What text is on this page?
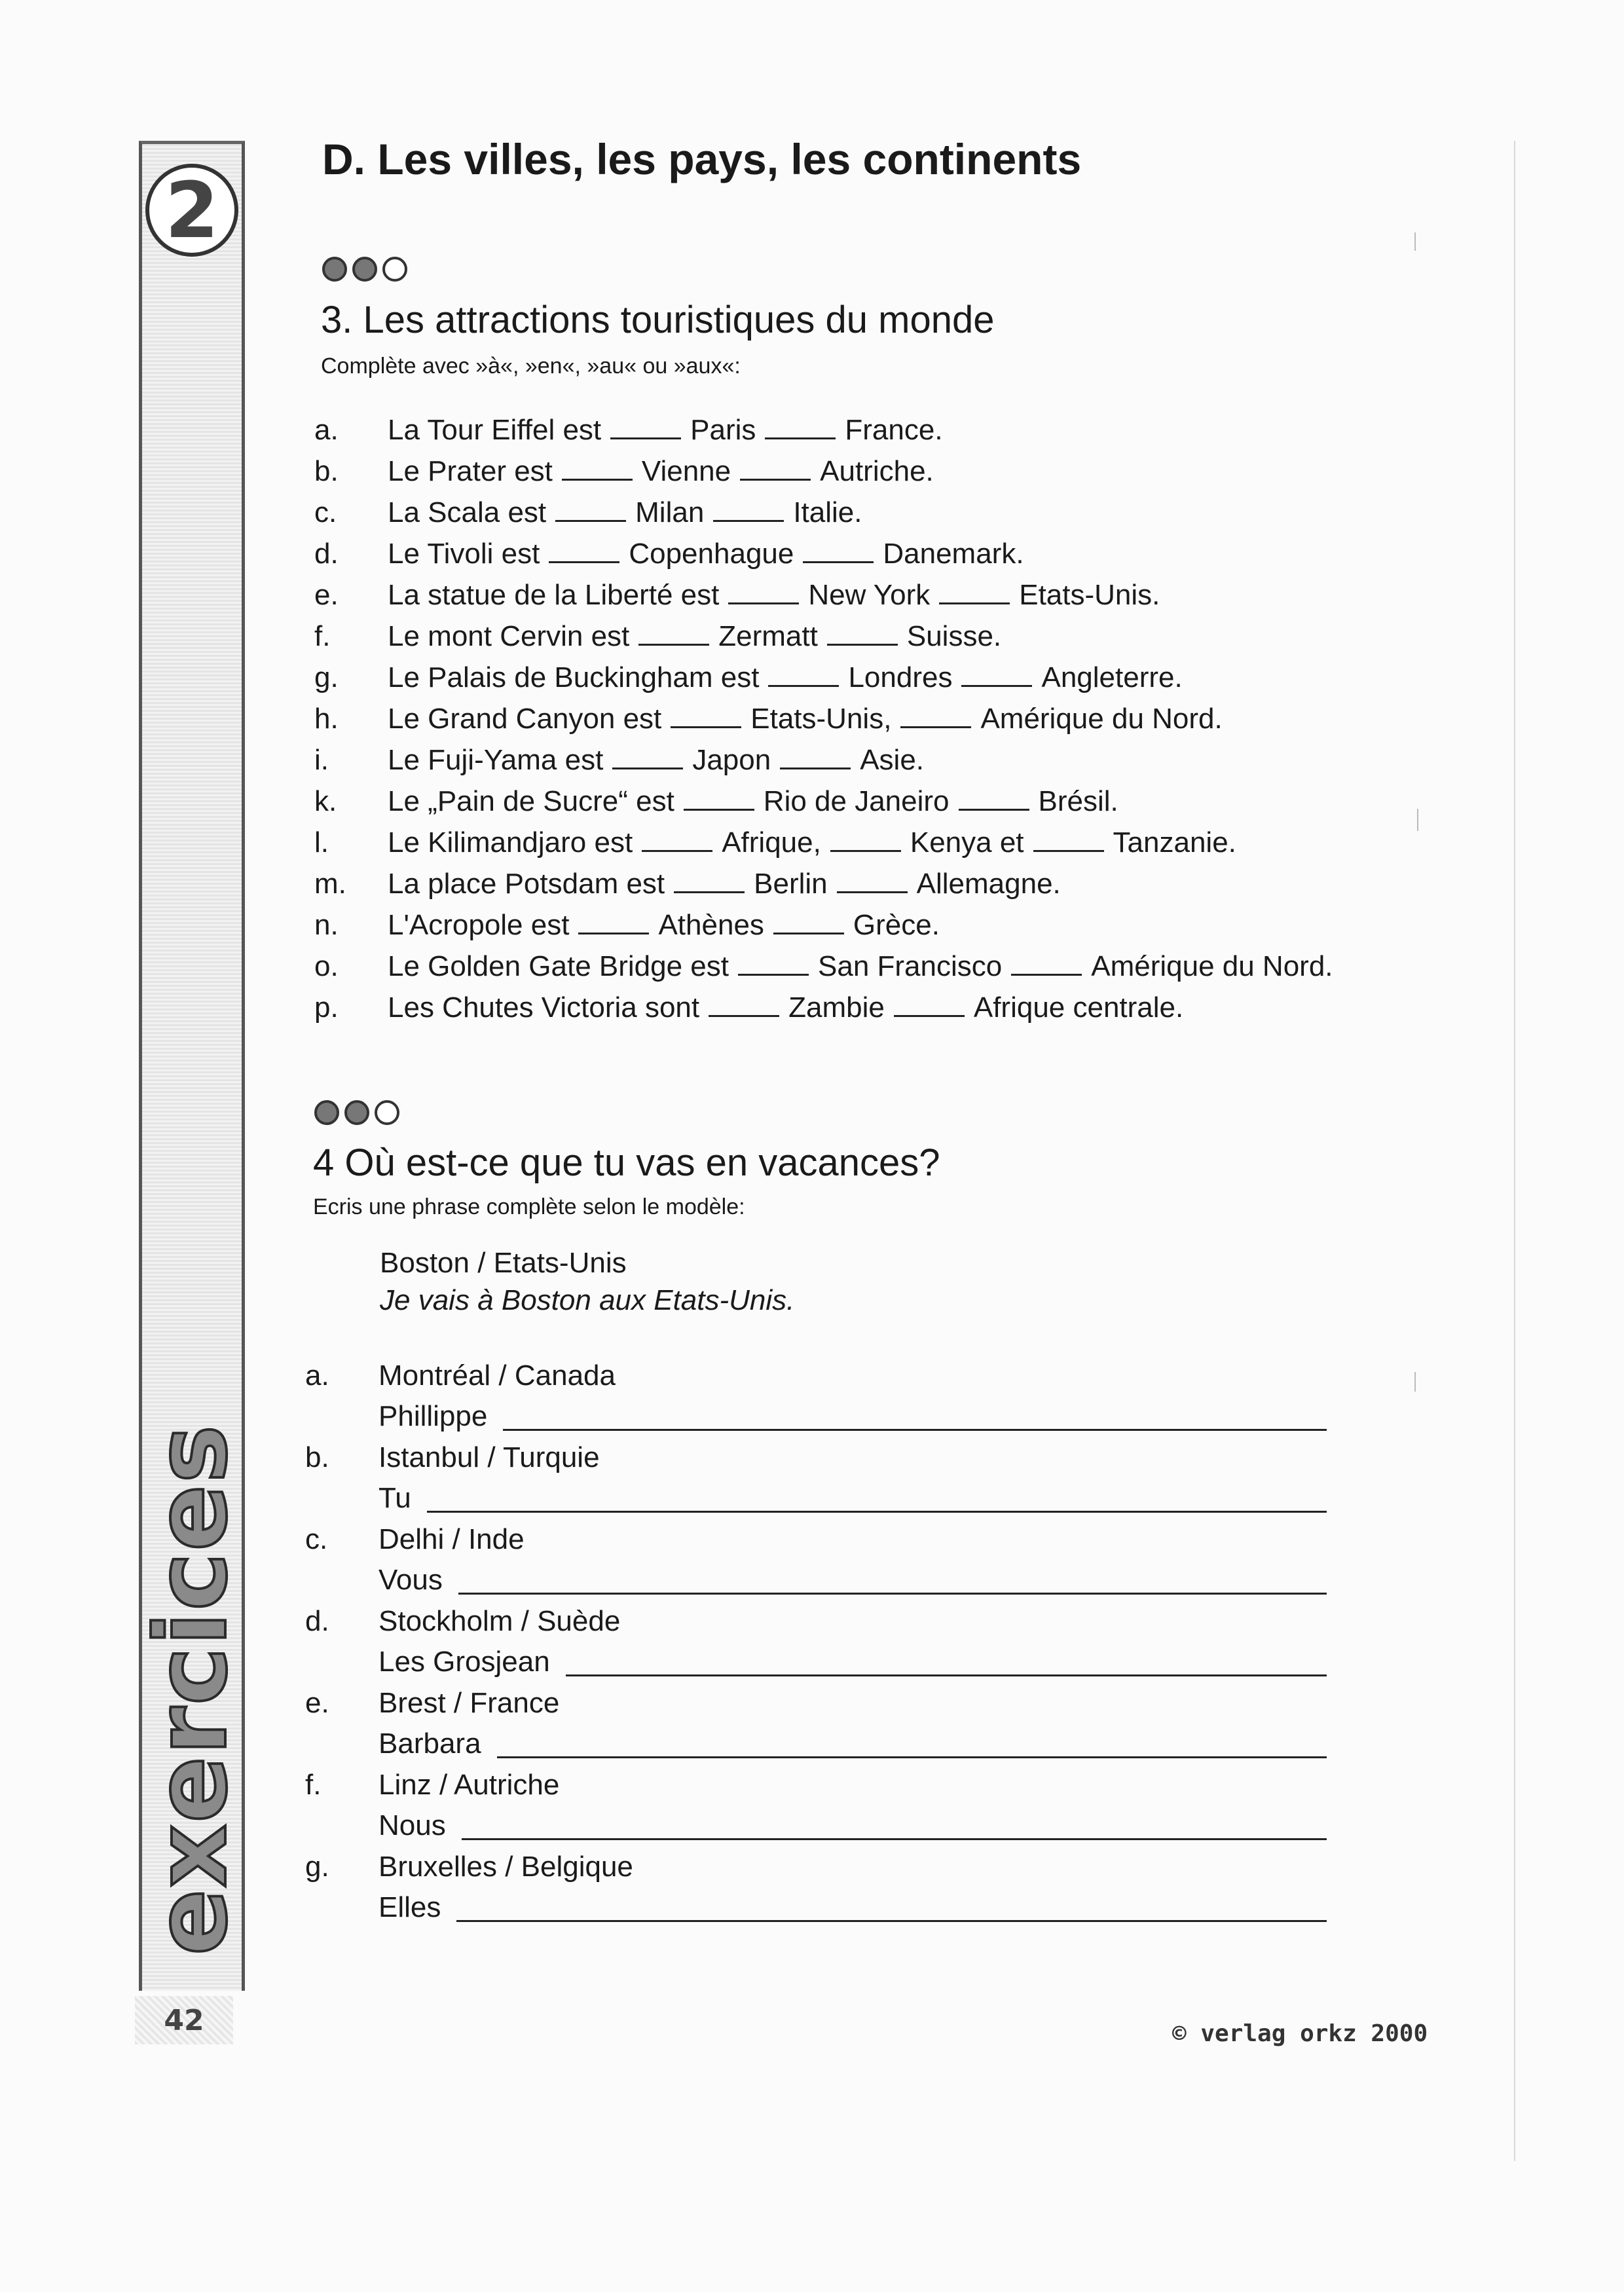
2
exercices
42
D. Les villes, les pays, les continents
3. Les attractions touristiques du monde
Complète avec »à«, »en«, »au« ou »aux«:
a.	La Tour Eiffel est	Paris	France.
b.	Le Prater est	Vienne	Autriche.
c.	La Scala est	Milan	Italie.
d.	Le Tivoli est	Copenhague	Danemark.
e.	La statue de la Liberté est	New York	Etats-Unis.
f.	Le mont Cervin est	Zermatt	Suisse.
g.	Le Palais de Buckingham est	Londres	Angleterre.
h.	Le Grand Canyon est	Etats-Unis,	Amérique du Nord.
i.	Le Fuji-Yama est	Japon	Asie.
k.	Le „Pain de Sucre“ est	Rio de Janeiro	Brésil.
l.	Le Kilimandjaro est	Afrique,	Kenya et	Tanzanie.
m.	La place Potsdam est	Berlin	Allemagne.
n.	L'Acropole est	Athènes	Grèce.
o.	Le Golden Gate Bridge est	San Francisco	Amérique du Nord.
p.	Les Chutes Victoria sont	Zambie	Afrique centrale.
4 Où est-ce que tu vas en vacances?
Ecris une phrase complète selon le modèle:
Boston / Etats-Unis
Je vais à Boston aux Etats-Unis.
a.	Montréal / Canada
Phillippe
b.	Istanbul / Turquie
Tu
c.	Delhi / Inde
Vous
d.	Stockholm / Suède
Les Grosjean
e.	Brest / France
Barbara
f.	Linz / Autriche
Nous
g.	Bruxelles / Belgique
Elles
© verlag orkz 2000
